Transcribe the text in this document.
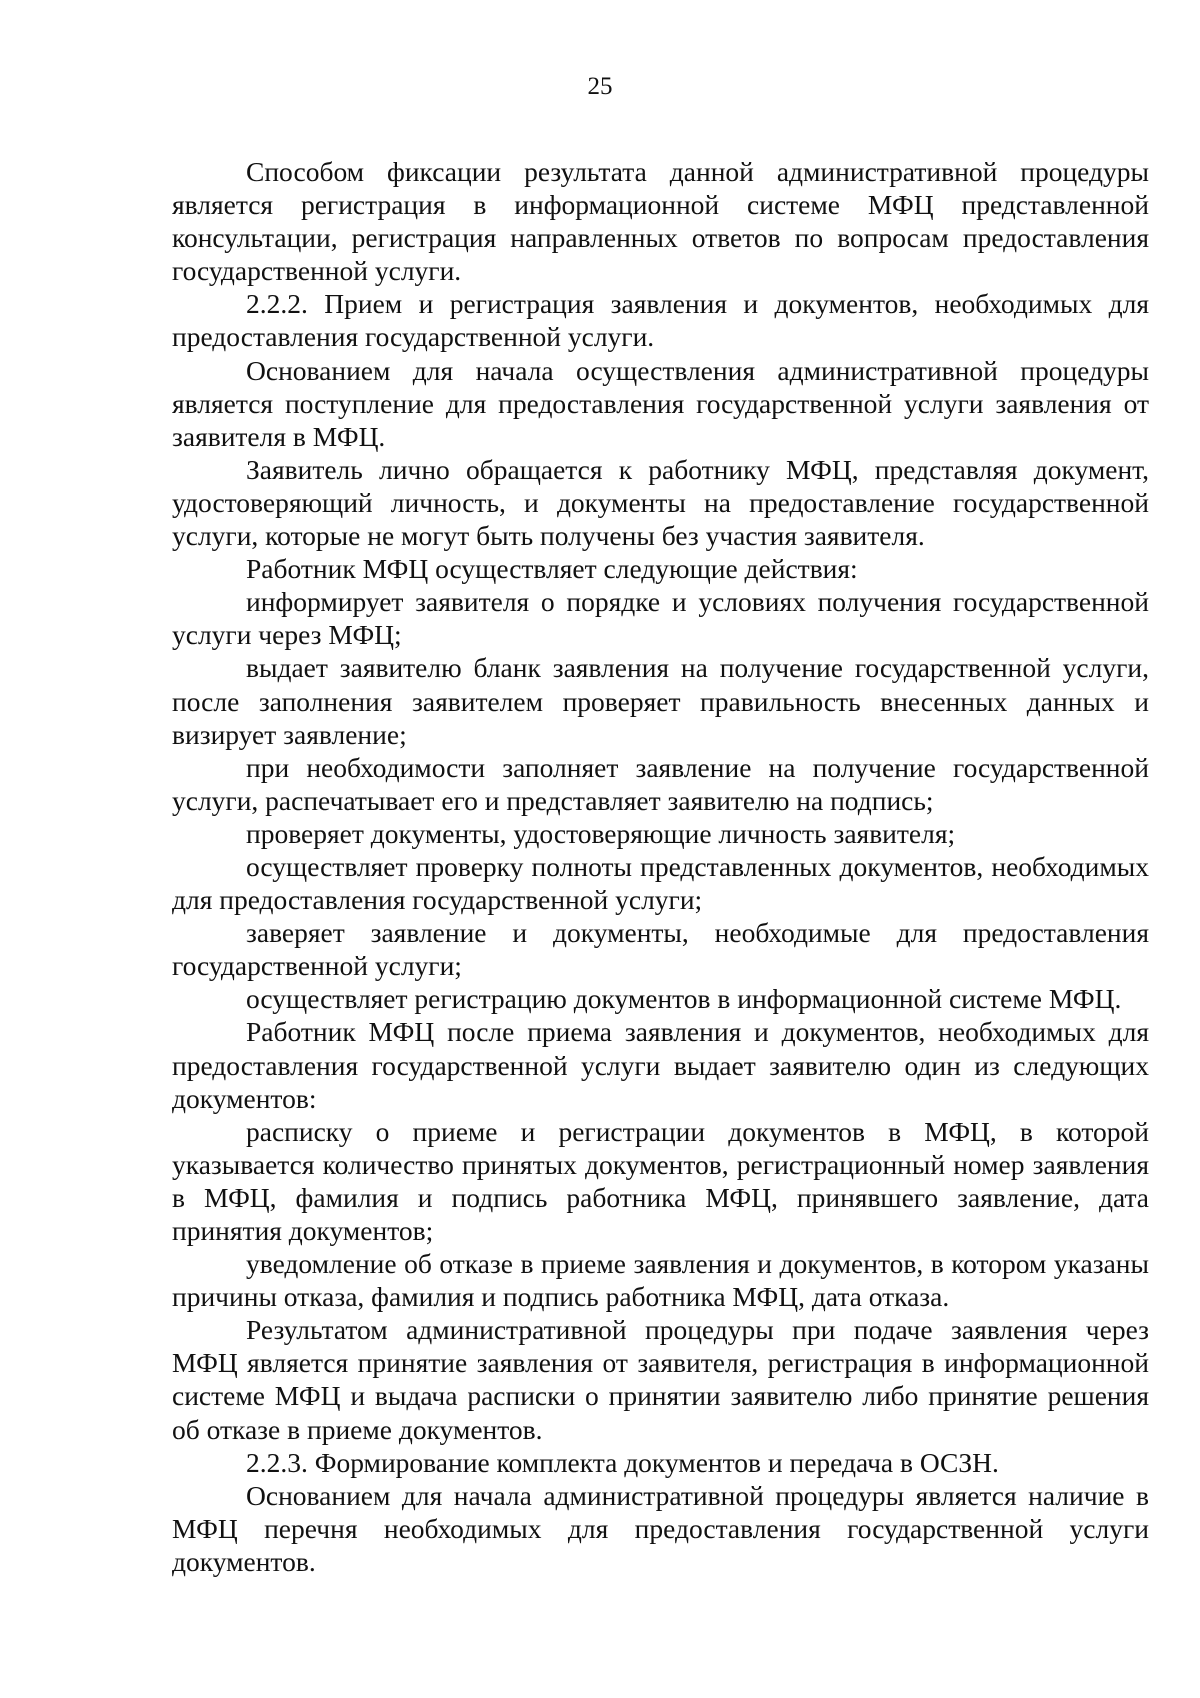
25

Способом фиксации результата данной административной процедуры является регистрация в информационной системе МФЦ представленной консультации, регистрация направленных ответов по вопросам предоставления государственной услуги.

2.2.2. Прием и регистрация заявления и документов, необходимых для предоставления государственной услуги.

Основанием для начала осуществления административной процедуры является поступление для предоставления государственной услуги заявления от заявителя в МФЦ.

Заявитель лично обращается к работнику МФЦ, представляя документ, удостоверяющий личность, и документы на предоставление государственной услуги, которые не могут быть получены без участия заявителя.

Работник МФЦ осуществляет следующие действия:

информирует заявителя о порядке и условиях получения государственной услуги через МФЦ;

выдает заявителю бланк заявления на получение государственной услуги, после заполнения заявителем проверяет правильность внесенных данных и визирует заявление;

при необходимости заполняет заявление на получение государственной услуги, распечатывает его и представляет заявителю на подпись;

проверяет документы, удостоверяющие личность заявителя;

осуществляет проверку полноты представленных документов, необходимых для предоставления государственной услуги;

заверяет заявление и документы, необходимые для предоставления государственной услуги;

осуществляет регистрацию документов в информационной системе МФЦ.

Работник МФЦ после приема заявления и документов, необходимых для предоставления государственной услуги выдает заявителю один из следующих документов:

расписку о приеме и регистрации документов в МФЦ, в которой указывается количество принятых документов, регистрационный номер заявления в МФЦ, фамилия и подпись работника МФЦ, принявшего заявление, дата принятия документов;

уведомление об отказе в приеме заявления и документов, в котором указаны причины отказа, фамилия и подпись работника МФЦ, дата отказа.

Результатом административной процедуры при подаче заявления через МФЦ является принятие заявления от заявителя, регистрация в информационной системе МФЦ и выдача расписки о принятии заявителю либо принятие решения об отказе в приеме документов.

2.2.3. Формирование комплекта документов и передача в ОСЗН.

Основанием для начала административной процедуры является наличие в МФЦ перечня необходимых для предоставления государственной услуги документов.
